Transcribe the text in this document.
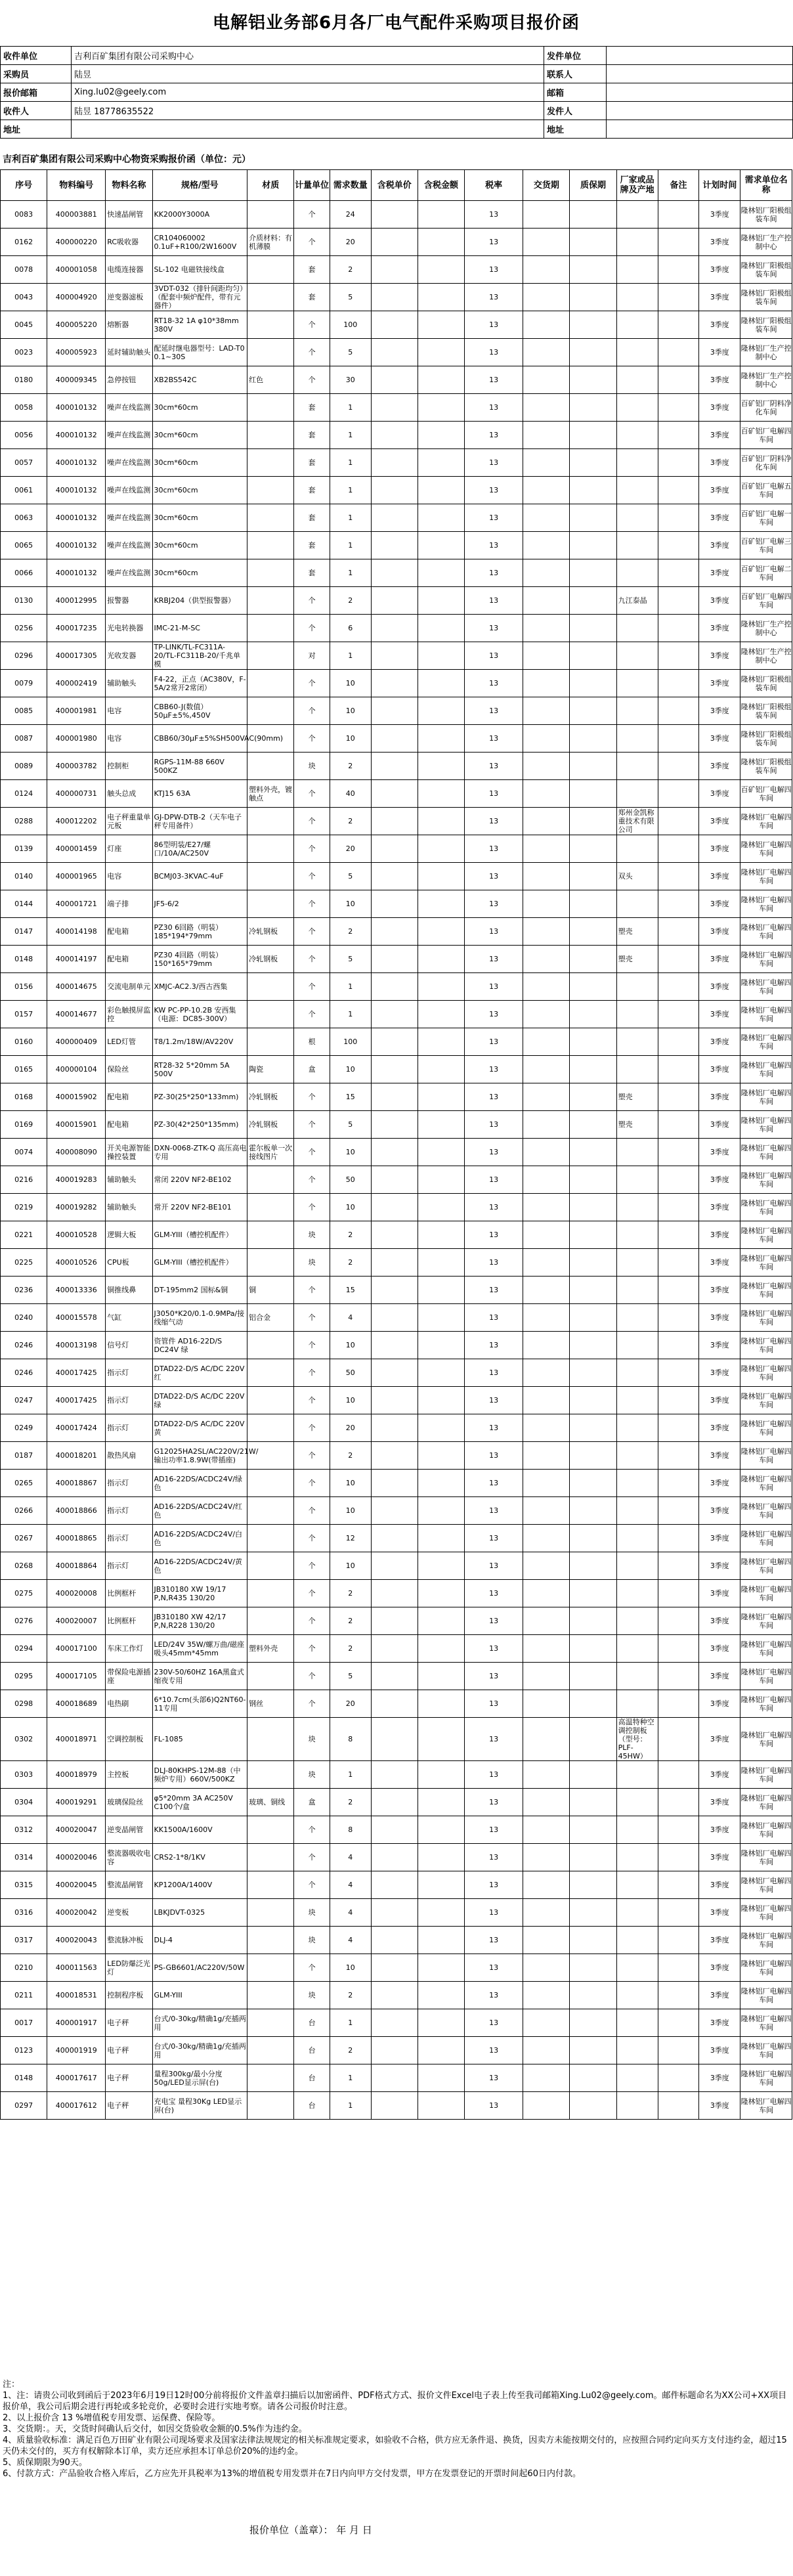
电解铝业务部6月各厂电气配件采购项目报价函
收件单位	吉利百矿集团有限公司采购中心	发件单位	
采购员	陆昱	联系人	
报价邮箱	Xing.lu02@geely.com	邮箱	
收件人	陆昱 18778635522	发件人	
地址		地址	
吉利百矿集团有限公司采购中心物资采购报价函（单位：元）
序号	物料编号	物料名称	规格/型号	材质	计量单位	需求数量	含税单价	含税金额	税率	交货期	质保期	厂家或品牌及产地	备注	计划时间	需求单位名称
0083	400003881	快速晶闸管	KK2000Y3000A		个	24			13					3季度	隆林铝厂阳极组装车间
0162	400000220	RC吸收器	CR104060002 0.1uF+R100/2W1600V	介质材料：有机薄膜	个	20			13					3季度	隆林铝厂生产控制中心
0078	400001058	电缆连接器	SL-102 电磁铁接线盒		套	2			13					3季度	隆林铝厂阳极组装车间
0043	400004920	逆变器滤板	3VDT-032（排针间距均匀）（配套中频炉配件，带有元器件）		套	5			13					3季度	隆林铝厂阳极组装车间
0045	400005220	熔断器	RT18-32 1A φ10*38mm 380V		个	100			13					3季度	隆林铝厂阳极组装车间
0023	400005923	延时辅助触头	配延时继电器型号：LAD-T0 0.1~30S		个	5			13					3季度	隆林铝厂生产控制中心
0180	400009345	急停按钮	XB2BS542C	红色	个	30			13					3季度	隆林铝厂生产控制中心
0058	400010132	噪声在线监测	30cm*60cm		套	1			13					3季度	百矿铝厂阴料净化车间
0056	400010132	噪声在线监测	30cm*60cm		套	1			13					3季度	百矿铝厂电解四车间
0057	400010132	噪声在线监测	30cm*60cm		套	1			13					3季度	百矿铝厂阴料净化车间
0061	400010132	噪声在线监测	30cm*60cm		套	1			13					3季度	百矿铝厂电解五车间
0063	400010132	噪声在线监测	30cm*60cm		套	1			13					3季度	百矿铝厂电解一车间
0065	400010132	噪声在线监测	30cm*60cm		套	1			13					3季度	百矿铝厂电解三车间
0066	400010132	噪声在线监测	30cm*60cm		套	1			13					3季度	百矿铝厂电解二车间
0130	400012995	报警器	KRBJ204（供型报警器）		个	2			13			九江泰晶		3季度	百矿铝厂电解四车间
0256	400017235	光电转换器	IMC-21-M-SC		个	6			13					3季度	隆林铝厂生产控制中心
0296	400017305	光收发器	TP-LINK/TL-FC311A-20/TL-FC311B-20/千兆单模		对	1			13					3季度	隆林铝厂生产控制中心
0079	400002419	辅助触头	F4-22，正点（AC380V，F-5A/2常开2常闭）		个	10			13					3季度	隆林铝厂阳极组装车间
0085	400001981	电容	CBB60-J(数值）50μF±5%,450V		个	10			13					3季度	隆林铝厂阳极组装车间
0087	400001980	电容	CBB60/30μF±5%SH500VAC(90mm)		个	10			13					3季度	隆林铝厂阳极组装车间
0089	400003782	控制柜	RGPS-11M-88 660V 500KZ		块	2			13					3季度	隆林铝厂阳极组装车间
0124	400000731	触头总成	KTJ15 63A	塑料外壳，镀触点	个	40			13					3季度	百矿铝厂电解四车间
0288	400012202	电子秤重量单元板	GJ-DPW-DTB-2（天车电子秤专用备件）		个	2			13			郑州金凯称重技术有限公司		3季度	隆林铝厂电解四车间
0139	400001459	灯座	86型明装/E27/螺口/10A/AC250V		个	20			13					3季度	隆林铝厂电解四车间
0140	400001965	电容	BCMJ03-3KVAC-4uF		个	5			13			双头		3季度	隆林铝厂电解四车间
0144	400001721	端子排	JF5-6/2		个	10			13					3季度	隆林铝厂电解四车间
0147	400014198	配电箱	PZ30 6回路（明装）185*194*79mm	冷轧钢板	个	2			13			塑壳		3季度	隆林铝厂电解四车间
0148	400014197	配电箱	PZ30 4回路（明装）150*165*79mm	冷轧钢板	个	5			13			塑壳		3季度	隆林铝厂电解四车间
0156	400014675	交流电制单元	XMJC-AC2.3/西古西集		个	1			13					3季度	隆林铝厂电解四车间
0157	400014677	彩色触摸屏监控	KW PC-PP-10.2B 安西集（电源：DC85-300V）		个	1			13					3季度	隆林铝厂电解四车间
0160	400000409	LED灯管	T8/1.2m/18W/AV220V		根	100			13					3季度	隆林铝厂电解四车间
0165	400000104	保险丝	RT28-32 5*20mm 5A 500V	陶瓷	盒	10			13					3季度	隆林铝厂电解四车间
0168	400015902	配电箱	PZ-30(25*250*133mm)	冷轧钢板	个	15			13			塑壳		3季度	隆林铝厂电解四车间
0169	400015901	配电箱	PZ-30(42*250*135mm)	冷轧钢板	个	5			13			塑壳		3季度	隆林铝厂电解四车间
0074	400008090	开关电源智能操控装置	DXN-0068-ZTK-Q 高压高电专用	霍尔板单一次接线图片	个	10			13					3季度	隆林铝厂电解四车间
0216	400019283	辅助触头	常闭 220V NF2-BE102		个	50			13					3季度	隆林铝厂电解四车间
0219	400019282	辅助触头	常开 220V NF2-BE101		个	10			13					3季度	隆林铝厂电解四车间
0221	400010528	逻辑大板	GLM-YIII（槽控机配件）		块	2			13					3季度	隆林铝厂电解四车间
0225	400010526	CPU板	GLM-YIII（槽控机配件）		块	2			13					3季度	隆林铝厂电解四车间
0236	400013336	铜推线鼻	DT-195mm2 国标&铜	铜	个	15			13					3季度	隆林铝厂电解四车间
0240	400015578	气缸	J3050*K20/0.1-0.9MPa/接线缩气动	铝合金	个	4			13					3季度	隆林铝厂电解四车间
0246	400013198	信号灯	资管件 AD16-22D/S DC24V 绿		个	10			13					3季度	隆林铝厂电解四车间
0246	400017425	指示灯	DTAD22-D/S AC/DC 220V 红		个	50			13					3季度	隆林铝厂电解四车间
0247	400017425	指示灯	DTAD22-D/S AC/DC 220V 绿		个	10			13					3季度	隆林铝厂电解四车间
0249	400017424	指示灯	DTAD22-D/S AC/DC 220V 黄		个	20			13					3季度	隆林铝厂电解四车间
0187	400018201	散热风扇	G12025HA2SL/AC220V/21W/输出功率1.8.9W(带插座)		个	2			13					3季度	隆林铝厂电解四车间
0265	400018867	指示灯	AD16-22DS/ACDC24V/绿色		个	10			13					3季度	隆林铝厂电解四车间
0266	400018866	指示灯	AD16-22DS/ACDC24V/红色		个	10			13					3季度	隆林铝厂电解四车间
0267	400018865	指示灯	AD16-22DS/ACDC24V/白色		个	12			13					3季度	隆林铝厂电解四车间
0268	400018864	指示灯	AD16-22DS/ACDC24V/黄色		个	10			13					3季度	隆林铝厂电解四车间
0275	400020008	比例框杆	JB310180 XW 19/17 P,N,R435 130/20		个	2			13					3季度	隆林铝厂电解四车间
0276	400020007	比例框杆	JB310180 XW 42/17 P,N,R228 130/20		个	2			13					3季度	隆林铝厂电解四车间
0294	400017100	车床工作灯	LED/24V 35W/螺万曲/磁座吸头45mm*45mm	塑料外壳	个	2			13					3季度	隆林铝厂电解四车间
0295	400017105	带保险电源插座	230V-50/60HZ 16A黑盒式缩夜专用		个	5			13					3季度	隆林铝厂电解四车间
0298	400018689	电热刷	6*10.7cm(头部6)Q2NT60-11专用	钢丝	个	20			13					3季度	隆林铝厂电解四车间
0302	400018971	空调控制板	FL-1085		块	8			13			高温特种空调控制板（型号：PLF-45HW）		3季度	隆林铝厂电解四车间
0303	400018979	主控板	DLJ-80KHPS-12M-88（中频炉专用）660V/500KZ		块	1			13					3季度	隆林铝厂电解四车间
0304	400019291	玻璃保险丝	φ5*20mm 3A AC250V C100个/盒	玻璃、铜线	盒	2			13					3季度	隆林铝厂电解四车间
0312	400020047	逆变晶闸管	KK1500A/1600V		个	8			13					3季度	隆林铝厂电解四车间
0314	400020046	整流器吸收电容	CRS2-1*8/1KV		个	4			13					3季度	隆林铝厂电解四车间
0315	400020045	整流晶闸管	KP1200A/1400V		个	4			13					3季度	隆林铝厂电解四车间
0316	400020042	逆变板	LBKJDVT-0325		块	4			13					3季度	隆林铝厂电解四车间
0317	400020043	整流脉冲板	DLJ-4		块	4			13					3季度	隆林铝厂电解四车间
0210	400011563	LED防爆泛光灯	PS-GB6601/AC220V/50W		个	10			13					3季度	隆林铝厂电解四车间
0211	400018531	控制程序板	GLM-YIII		块	2			13					3季度	隆林铝厂电解四车间
0017	400001917	电子秤	台式/0-30kg/精确1g/充插两用		台	1			13					3季度	隆林铝厂电解四车间
0123	400001919	电子秤	台式/0-30kg/精确1g/充插两用		台	2			13					3季度	隆林铝厂电解四车间
0148	400017617	电子秤	量程300kg/最小分度50g/LED显示屏(台)		台	1			13					3季度	隆林铝厂电解四车间
0297	400017612	电子秤	充电宝 量程30Kg LED显示屏(台)		台	1			13					3季度	隆林铝厂电解四车间

注：

1、注：请贵公司收到函后于2023年6月19日12时00分前将报价文件盖章扫描后以加密函件、PDF格式方式、报价文件Excel电子表上传至我司邮箱Xing.Lu02@geely.com。邮件标题命名为XX公司+XX项目报价单，我公司后期会进行再轮或多轮竞价，必要时会进行实地考察。请各公司报价时注意。

2、以上报价含 13 %增值税专用发票、运保费、保险等。

3、交货期：。天，交货时间确认后交付，如因交货验收金额的0.5%作为违约金。

4、质量验收标准：满足百色万田矿业有限公司现场要求及国家法律法规规定的相关标准规定要求，如验收不合格，供方应无条件退、换货，因卖方未能按期交付的，应按照合同约定向买方支付违约金，超过15天仍未交付的，买方有权解除本订单，卖方还应承担本订单总价20%的违约金。

5、质保期限为90天。

6、付款方式：产品验收合格入库后，乙方应先开具税率为13%的增值税专用发票并在7日内向甲方交付发票，甲方在发票登记的开票时间起60日内付款。

报价单位（盖章）： 年 月 日
